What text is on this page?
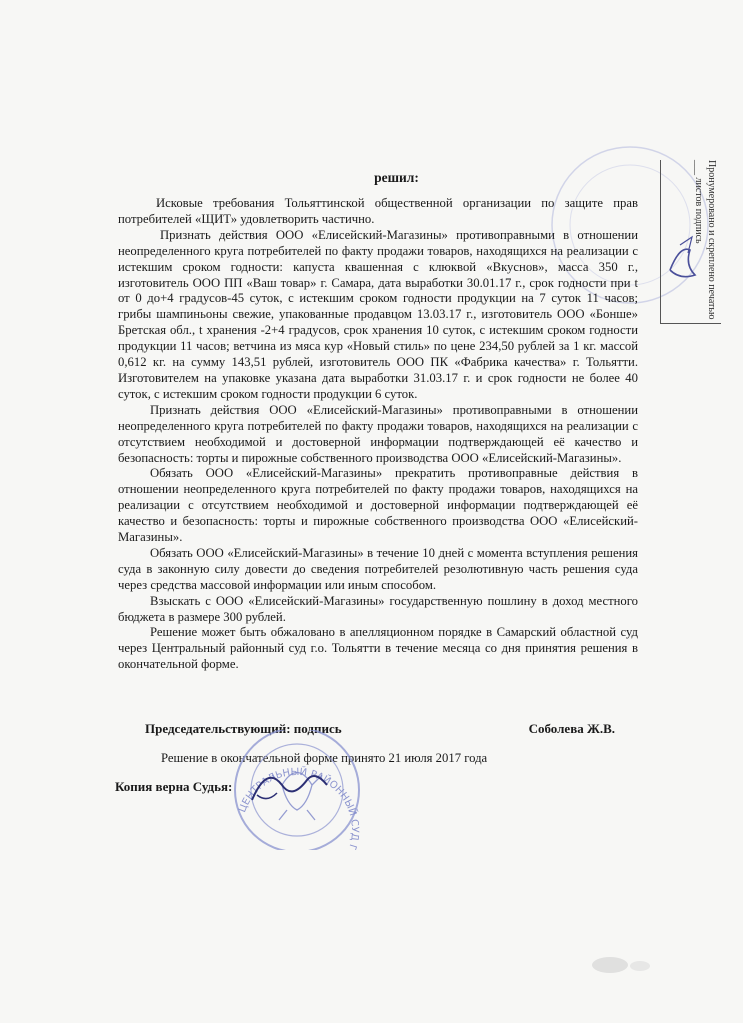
Пронумеровано и скреплено печатью ___ листов подпись
решил:

Исковые требования Тольяттинской общественной организации по защите прав потребителей «ЩИТ» удовлетворить частично.

Признать действия ООО «Елисейский-Магазины» противоправными в отношении неопределенного круга потребителей по факту продажи товаров, находящихся на реализации с истекшим сроком годности: капуста квашенная с клюквой «Вкуснов», масса 350 г., изготовитель ООО ПП «Ваш товар» г. Самара, дата выработки 30.01.17 г., срок годности при t от 0 до+4 градусов-45 суток, с истекшим сроком годности продукции на 7 суток 11 часов; грибы шампиньоны свежие, упакованные продавцом 13.03.17 г., изготовитель ООО «Бонше» Бретская обл., t хранения -2+4 градусов, срок хранения 10 суток, с истекшим сроком годности продукции 11 часов; ветчина из мяса кур «Новый стиль» по цене 234,50 рублей за 1 кг. массой 0,612 кг. на сумму 143,51 рублей, изготовитель ООО ПК «Фабрика качества» г. Тольятти. Изготовителем на упаковке указана дата выработки 31.03.17 г. и срок годности не более 40 суток, с истекшим сроком годности продукции 6 суток.

Признать действия ООО «Елисейский-Магазины» противоправными в отношении неопределенного круга потребителей по факту продажи товаров, находящихся на реализации с отсутствием необходимой и достоверной информации подтверждающей её качество и безопасность: торты и пирожные собственного производства ООО «Елисейский-Магазины».

Обязать ООО «Елисейский-Магазины» прекратить противоправные действия в отношении неопределенного круга потребителей по факту продажи товаров, находящихся на реализации с отсутствием необходимой и достоверной информации подтверждающей её качество и безопасность: торты и пирожные собственного производства ООО «Елисейский-Магазины».

Обязать ООО «Елисейский-Магазины» в течение 10 дней с момента вступления решения суда в законную силу довести до сведения потребителей резолютивную часть решения суда через средства массовой информации или иным способом.

Взыскать с ООО «Елисейский-Магазины» государственную пошлину в доход местного бюджета в размере 300 рублей.

Решение может быть обжаловано в апелляционном порядке в Самарский областной суд через Центральный районный суд г.о. Тольятти в течение месяца со дня принятия решения в окончательной форме.

Председательствующий: подпись	Соболева Ж.В.
Решение в окончательной форме принято 21 июля 2017 года
Копия верна Судья:
ЦЕНТРАЛЬНЫЙ РАЙОННЫЙ СУД Г
